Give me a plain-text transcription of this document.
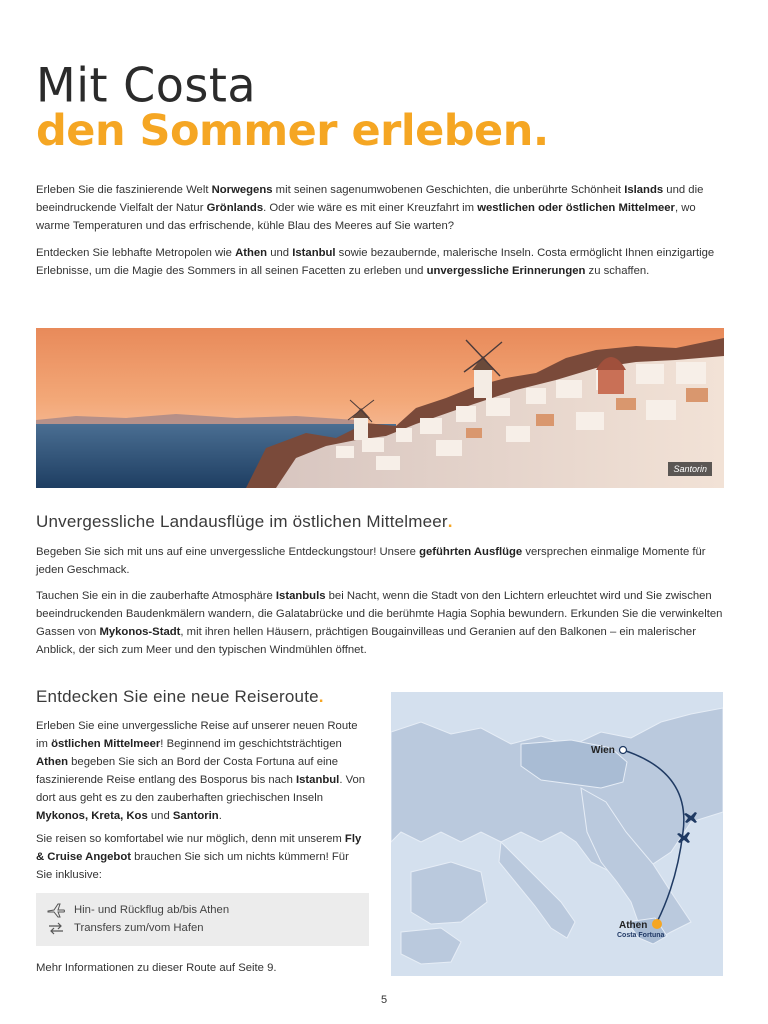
Mit Costa
den Sommer erleben.

Erleben Sie die faszinierende Welt Norwegens mit seinen sagenumwobenen Geschichten, die unberührte Schönheit Islands und die beeindruckende Vielfalt der Natur Grönlands. Oder wie wäre es mit einer Kreuzfahrt im westlichen oder östlichen Mittelmeer, wo warme Temperaturen und das erfrischende, kühle Blau des Meeres auf Sie warten?

Entdecken Sie lebhafte Metropolen wie Athen und Istanbul sowie bezaubernde, malerische Inseln. Costa ermöglicht Ihnen einzigartige Erlebnisse, um die Magie des Sommers in all seinen Facetten zu erleben und unvergessliche Erinnerungen zu schaffen.

Santorin
Unvergessliche Landausflüge im östlichen Mittelmeer.

Begeben Sie sich mit uns auf eine unvergessliche Entdeckungstour! Unsere geführten Ausflüge versprechen einmalige Momente für jeden Geschmack.

Tauchen Sie ein in die zauberhafte Atmosphäre Istanbuls bei Nacht, wenn die Stadt von den Lichtern erleuchtet wird und Sie zwischen beeindruckenden Baudenkmälern wandern, die Galatabrücke und die berühmte Hagia Sophia bewundern. Erkunden Sie die verwinkelten Gassen von Mykonos-Stadt, mit ihren hellen Häusern, prächtigen Bougainvilleas und Geranien auf den Balkonen – ein malerischer Anblick, der sich zum Meer und den typischen Windmühlen öffnet.

Entdecken Sie eine neue Reiseroute.

Erleben Sie eine unvergessliche Reise auf unserer neuen Route im östlichen Mittelmeer! Beginnend im geschichtsträchtigen Athen begeben Sie sich an Bord der Costa Fortuna auf eine faszinierende Reise entlang des Bosporus bis nach Istanbul. Von dort aus geht es zu den zauberhaften griechischen Inseln Mykonos, Kreta, Kos und Santorin.

Sie reisen so komfortabel wie nur möglich, denn mit unserem Fly & Cruise Angebot brauchen Sie sich um nichts kümmern! Für Sie inklusive:

Hin- und Rückflug ab/bis Athen
Transfers zum/vom Hafen
Mehr Informationen zu dieser Route auf Seite 9.
Wien
Athen
Costa Fortuna
5
